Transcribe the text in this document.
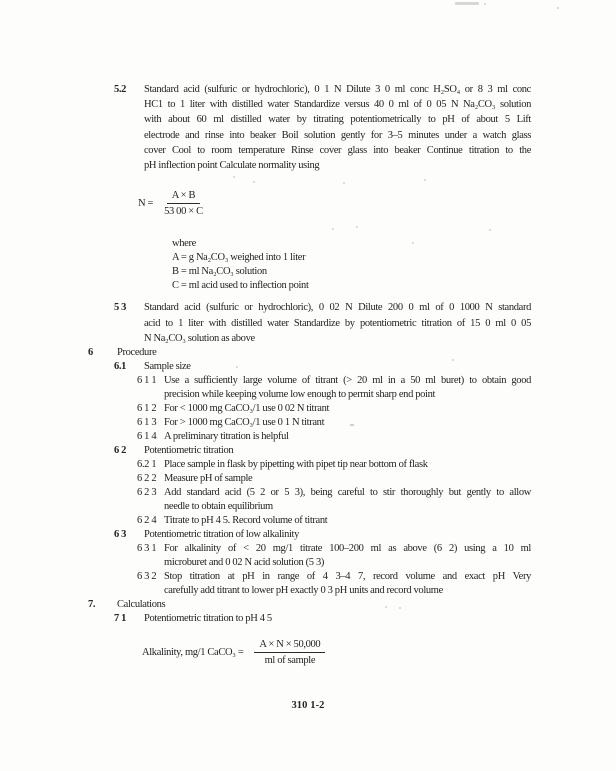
5.2	Standard acid (sulfuric or hydrochloric), 0 1 N Dilute 3 0 ml conc H₂SO₄ or 8 3 ml conc
HC1 to 1 liter with distilled water Standardize versus 40 0 ml of 0 05 N Na₂CO₃ solution
with about 60 ml distilled water by titrating potentiometrically to pH of about 5 Lift
electrode and rinse into beaker Boil solution gently for 3–5 minutes under a watch glass
cover Cool to room temperature Rinse cover glass into beaker Continue titration to the
pH inflection point Calculate normality using
$N = \frac{A \times B}{53 00 \times C}$
where
A = g Na₂CO₃ weighed into 1 liter
B = ml Na₂CO₃ solution
C = ml acid used to inflection point
5 3	Standard acid (sulfuric or hydrochloric), 0 02 N Dilute 200 0 ml of 0 1000 N standard
acid to 1 liter with distilled water Standardize by potentiometric titration of 15 0 ml 0 05
N Na₂CO₃ solution as above
6	Procedure
6.1	Sample size
6 1 1 Use a sufficiently large volume of titrant (> 20 ml in a 50 ml buret) to obtain good
precision while keeping volume low enough to permit sharp end point
6 1 2 For < 1000 mg CaCO₃/1 use 0 02 N titrant
6 1 3 For > 1000 mg CaCO₃/1 use 0 1 N titrant
6 1 4 A preliminary titration is helpful
6 2	Potentiometric titration
6.2 1 Place sample in flask by pipetting with pipet tip near bottom of flask
6 2 2 Measure pH of sample
6 2 3 Add standard acid (5 2 or 5 3), being careful to stir thoroughly but gently to allow
needle to obtain equilibrium
6 2 4 Titrate to pH 4 5. Record volume of titrant
6 3	Potentiometric titration of low alkalinity
6 3 1 For alkalinity of < 20 mg/1 titrate 100–200 ml as above (6 2) using a 10 ml
microburet and 0 02 N acid solution (5 3)
6 3 2 Stop titration at pH in range of 4 3–4 7, record volume and exact pH Very
carefully add titrant to lower pH exactly 0 3 pH units and record volume
7.	Calculations
7 1	Potentiometric titration to pH 4 5
Alkalinity, mg/1 CaCO₃ = $\frac{A \times N \times 50,000}{\text{ml of sample}}$
310 1-2
